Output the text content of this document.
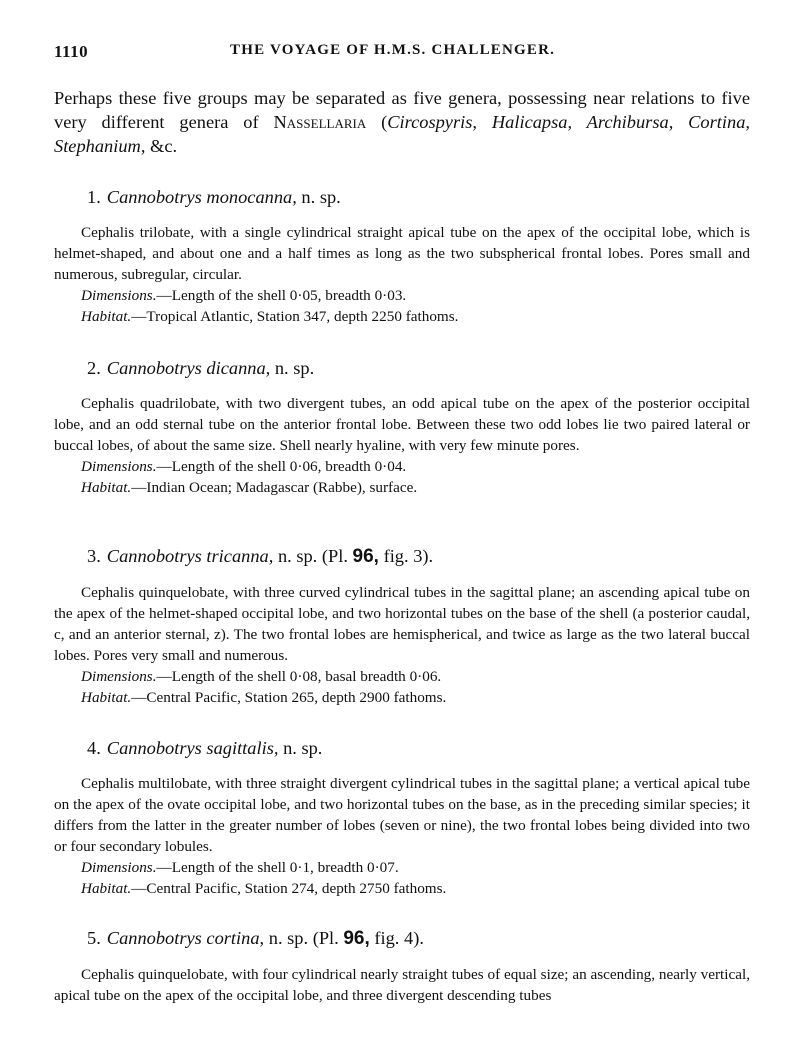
1110	THE VOYAGE OF H.M.S. CHALLENGER.
Perhaps these five groups may be separated as five genera, possessing near relations to five very different genera of Nassellaria (Circospyris, Halicapsa, Archibursa, Cortina, Stephanium, &c.
1. Cannobotrys monocanna, n. sp.
Cephalis trilobate, with a single cylindrical straight apical tube on the apex of the occipital lobe, which is helmet-shaped, and about one and a half times as long as the two subspherical frontal lobes. Pores small and numerous, subregular, circular.
Dimensions.—Length of the shell 0·05, breadth 0·03.
Habitat.—Tropical Atlantic, Station 347, depth 2250 fathoms.
2. Cannobotrys dicanna, n. sp.
Cephalis quadrilobate, with two divergent tubes, an odd apical tube on the apex of the posterior occipital lobe, and an odd sternal tube on the anterior frontal lobe. Between these two odd lobes lie two paired lateral or buccal lobes, of about the same size. Shell nearly hyaline, with very few minute pores.
Dimensions.—Length of the shell 0·06, breadth 0·04.
Habitat.—Indian Ocean; Madagascar (Rabbe), surface.
3. Cannobotrys tricanna, n. sp. (Pl. 96, fig. 3).
Cephalis quinquelobate, with three curved cylindrical tubes in the sagittal plane; an ascending apical tube on the apex of the helmet-shaped occipital lobe, and two horizontal tubes on the base of the shell (a posterior caudal, c, and an anterior sternal, z). The two frontal lobes are hemispherical, and twice as large as the two lateral buccal lobes. Pores very small and numerous.
Dimensions.—Length of the shell 0·08, basal breadth 0·06.
Habitat.—Central Pacific, Station 265, depth 2900 fathoms.
4. Cannobotrys sagittalis, n. sp.
Cephalis multilobate, with three straight divergent cylindrical tubes in the sagittal plane; a vertical apical tube on the apex of the ovate occipital lobe, and two horizontal tubes on the base, as in the preceding similar species; it differs from the latter in the greater number of lobes (seven or nine), the two frontal lobes being divided into two or four secondary lobules.
Dimensions.—Length of the shell 0·1, breadth 0·07.
Habitat.—Central Pacific, Station 274, depth 2750 fathoms.
5. Cannobotrys cortina, n. sp. (Pl. 96, fig. 4).
Cephalis quinquelobate, with four cylindrical nearly straight tubes of equal size; an ascending, nearly vertical, apical tube on the apex of the occipital lobe, and three divergent descending tubes
